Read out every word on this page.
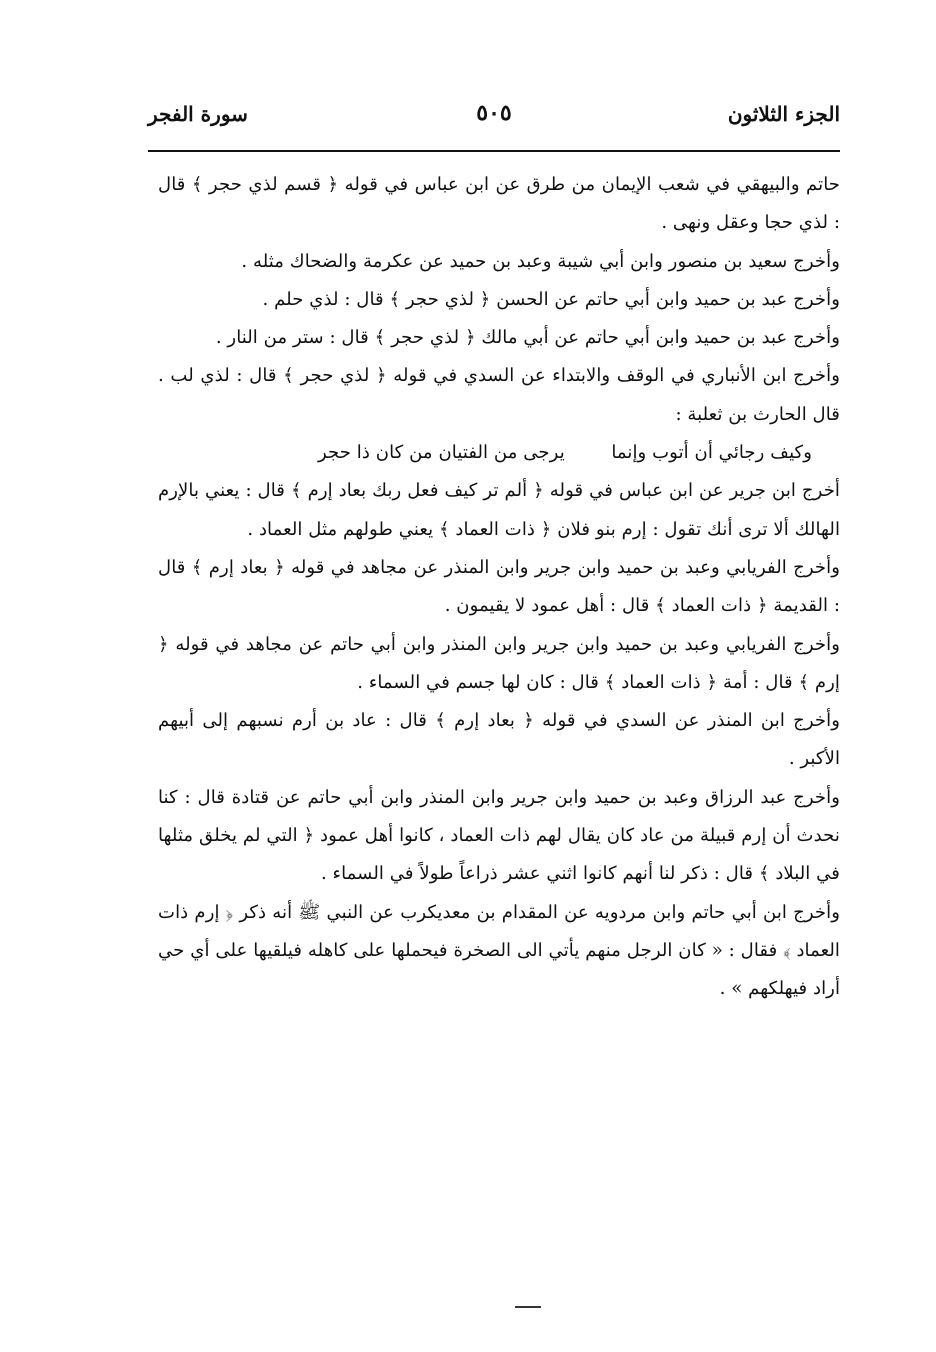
الجزء الثلاثون
٥٠٥
سورة الفجر

حاتم والبيهقي في شعب الإيمان من طرق عن ابن عباس في قوله ﴿ قسم لذي حجر ﴾ قال : لذي حجا وعقل ونهى .

وأخرج سعيد بن منصور وابن أبي شيبة وعبد بن حميد عن عكرمة والضحاك مثله .

وأخرج عبد بن حميد وابن أبي حاتم عن الحسن ﴿ لذي حجر ﴾ قال : لذي حلم .

وأخرج عبد بن حميد وابن أبي حاتم عن أبي مالك ﴿ لذي حجر ﴾ قال : ستر من النار .

وأخرج ابن الأنباري في الوقف والابتداء عن السدي في قوله ﴿ لذي حجر ﴾ قال : لذي لب . قال الحارث بن ثعلبة :

وكيف رجائي أن أتوب وإنما
يرجى من الفتيان من كان ذا حجر

أخرج ابن جرير عن ابن عباس في قوله ﴿ ألم تر كيف فعل ربك بعاد إرم ﴾ قال : يعني بالإرم الهالك ألا ترى أنك تقول : إرم بنو فلان ﴿ ذات العماد ﴾ يعني طولهم مثل العماد .

وأخرج الفريابي وعبد بن حميد وابن جرير وابن المنذر عن مجاهد في قوله ﴿ بعاد إرم ﴾ قال : القديمة ﴿ ذات العماد ﴾ قال : أهل عمود لا يقيمون .

وأخرج الفريابي وعبد بن حميد وابن جرير وابن المنذر وابن أبي حاتم عن مجاهد في قوله ﴿ إرم ﴾ قال : أمة ﴿ ذات العماد ﴾ قال : كان لها جسم في السماء .

وأخرج ابن المنذر عن السدي في قوله ﴿ بعاد إرم ﴾ قال : عاد بن أرم نسبهم إلى أبيهم الأكبر .

وأخرج عبد الرزاق وعبد بن حميد وابن جرير وابن المنذر وابن أبي حاتم عن قتادة قال : كنا نحدث أن إرم قبيلة من عاد كان يقال لهم ذات العماد ، كانوا أهل عمود ﴿ التي لم يخلق مثلها في البلاد ﴾ قال : ذكر لنا أنهم كانوا اثني عشر ذراعاً طولاً في السماء .

وأخرج ابن أبي حاتم وابن مردويه عن المقدام بن معديكرب عن النبي ﷺ أنه ذكر ﴿ إرم ذات العماد ﴾ فقال : « كان الرجل منهم يأتي الى الصخرة فيحملها على كاهله فيلقيها على أي حي أراد فيهلكهم » .
